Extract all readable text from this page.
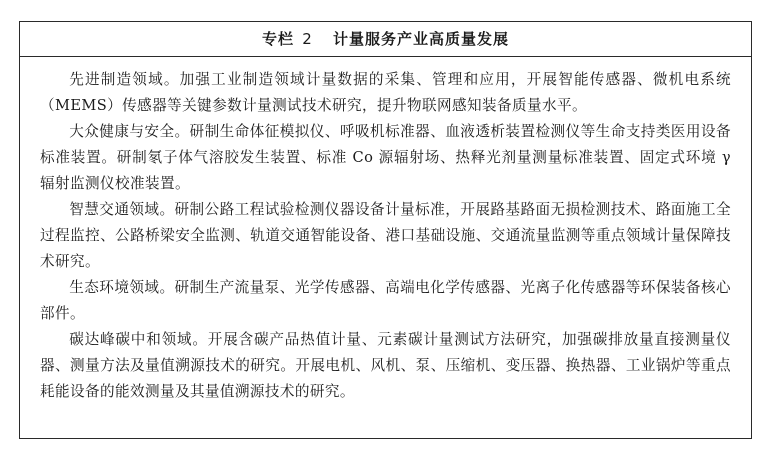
专栏 2 计量服务产业高质量发展

先进制造领域。加强工业制造领域计量数据的采集、管理和应用，开展智能传感器、微机电系统（MEMS）传感器等关键参数计量测试技术研究，提升物联网感知装备质量水平。

大众健康与安全。研制生命体征模拟仪、呼吸机标准器、血液透析装置检测仪等生命支持类医用设备标准装置。研制氡子体气溶胶发生装置、标准 Co 源辐射场、热释光剂量测量标准装置、固定式环境 γ 辐射监测仪校准装置。

智慧交通领域。研制公路工程试验检测仪器设备计量标准，开展路基路面无损检测技术、路面施工全过程监控、公路桥梁安全监测、轨道交通智能设备、港口基础设施、交通流量监测等重点领域计量保障技术研究。

生态环境领域。研制生产流量泵、光学传感器、高端电化学传感器、光离子化传感器等环保装备核心部件。

碳达峰碳中和领域。开展含碳产品热值计量、元素碳计量测试方法研究，加强碳排放量直接测量仪器、测量方法及量值溯源技术的研究。开展电机、风机、泵、压缩机、变压器、换热器、工业锅炉等重点耗能设备的能效测量及其量值溯源技术的研究。
